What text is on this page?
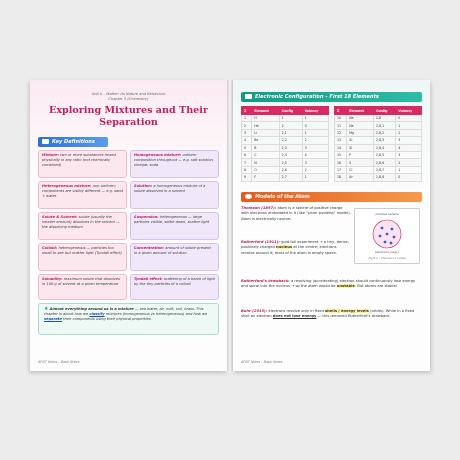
Unit II – Matter: Its Nature and Behaviour
Chapter 3 (Chemistry)
Exploring Mixtures and Their Separation
Key Definitions
Mixture: two or more substances mixed physically in any ratio (not chemically combined)
Homogeneous mixture: uniform composition throughout — e.g. salt solution, vinegar, soda
Heterogeneous mixture: non-uniform; components are visibly different — e.g. sand + water
Solution: a homogeneous mixture of a solute dissolved in a solvent
Solute & Solvent: solute (usually the smaller amount) dissolves in the solvent — the dissolving medium
Suspension: heterogeneous — large particles visible, settle down, scatter light
Colloid: heterogeneous — particles too small to see but scatter light (Tyndall effect)
Concentration: amount of solute present in a given amount of solution
Solubility: maximum solute that dissolves in 100 g of solvent at a given temperature
Tyndall effect: scattering of a beam of light by the tiny particles of a colloid
★ Almost everything around us is a mixture — sea water, air, milk, soil, brass. This chapter is about how we classify mixtures (homogeneous vs heterogeneous) and how we separate their components using their physical properties.
AFSIT Notes – Basic Notes
Electronic Configuration – First 18 Elements
Z	Element	Config	Valency
1	H	1	1
2	He	2	0
3	Li	2,1	1
4	Be	2,2	2
5	B	2,3	3
6	C	2,4	4
7	N	2,5	3
8	O	2,6	2
9	F	2,7	1
Z	Element	Config	Valency
10	Ne	2,8	0
11	Na	2,8,1	1
12	Mg	2,8,2	2
13	Al	2,8,3	3
14	Si	2,8,4	4
15	P	2,8,5	3
16	S	2,8,6	2
17	Cl	2,8,7	1
18	Ar	2,8,8	0
Models of the Atom
Thomson (1897): atom is a sphere of positive charge with electrons embedded in it (like “plum pudding” model). Atom is electrically neutral.
positive sphere
electrons (neg.)
Fig 6.1 – Thomson's model
Rutherford (1911): gold-foil experiment → a tiny, dense, positively charged nucleus at the centre; electrons revolve around it; most of the atom is empty space.
Rutherford's drawback: a revolving (accelerating) electron should continuously lose energy and spiral into the nucleus → so the atom would be unstable. But atoms are stable!
Bohr (1913): electrons revolve only in fixed shells / energy levels (orbits). While in a fixed shell an electron does not lose energy — this removed Rutherford's drawback.
AFSIT Notes – Basic Notes
